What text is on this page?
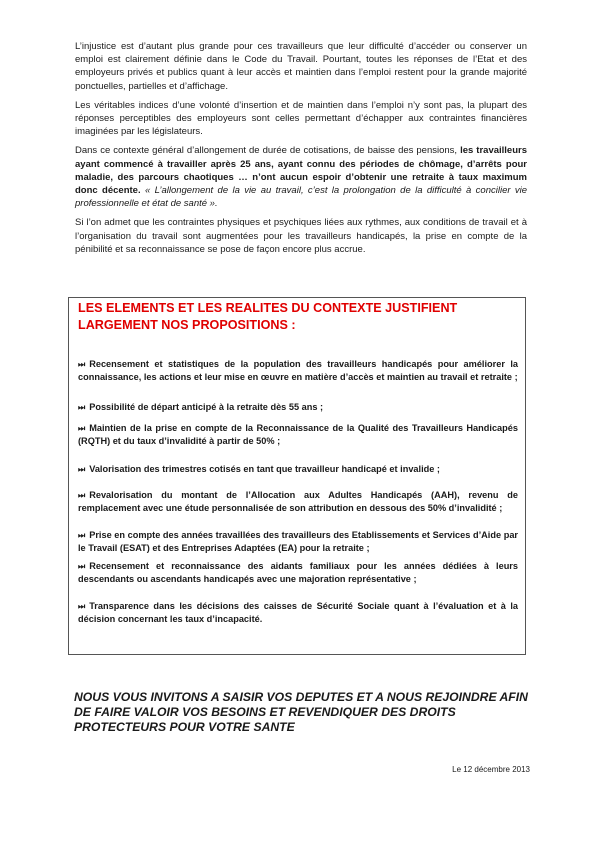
L’injustice est d’autant plus grande pour ces travailleurs que leur difficulté d’accéder ou conserver un emploi est clairement définie dans le Code du Travail. Pourtant, toutes les réponses de l’Etat et des employeurs privés et publics quant à leur accès et maintien dans l’emploi restent pour la grande majorité ponctuelles, partielles et d’affichage.

Les véritables indices d’une volonté d’insertion et de maintien dans l’emploi n’y sont pas, la plupart des réponses perceptibles des employeurs sont celles permettant d’échapper aux contraintes financières imaginées par les législateurs.

Dans ce contexte général d’allongement de durée de cotisations, de baisse des pensions, les travailleurs ayant commencé à travailler après 25 ans, ayant connu des périodes de chômage, d’arrêts pour maladie, des parcours chaotiques … n’ont aucun espoir d’obtenir une retraite à taux maximum donc décente. « L’allongement de la vie au travail, c’est la prolongation de la difficulté à concilier vie professionnelle et état de santé ».

Si l’on admet que les contraintes physiques et psychiques liées aux rythmes, aux conditions de travail et à l’organisation du travail sont augmentées pour les travailleurs handicapés, la prise en compte de la pénibilité et sa reconnaissance se pose de façon encore plus accrue.

LES ELEMENTS ET LES REALITES DU CONTEXTE JUSTIFIENT LARGEMENT NOS PROPOSITIONS :
⏭ Recensement et statistiques de la population des travailleurs handicapés pour améliorer la connaissance, les actions et leur mise en œuvre en matière d’accès et maintien au travail et retraite ;
⏭ Possibilité de départ anticipé à la retraite dès 55 ans ;
⏭ Maintien de la prise en compte de la Reconnaissance de la Qualité des Travailleurs Handicapés (RQTH) et du taux d’invalidité à partir de 50% ;
⏭ Valorisation des trimestres cotisés en tant que travailleur handicapé et invalide ;
⏭ Revalorisation du montant de l’Allocation aux Adultes Handicapés (AAH), revenu de remplacement avec une étude personnalisée de son attribution en dessous des 50% d’invalidité ;
⏭ Prise en compte des années travaillées des travailleurs des Etablissements et Services d’Aide par le Travail (ESAT) et des Entreprises Adaptées (EA) pour la retraite ;
⏭ Recensement et reconnaissance des aidants familiaux pour les années dédiées à leurs descendants ou ascendants handicapés avec une majoration représentative ;
⏭ Transparence dans les décisions des caisses de Sécurité Sociale quant à l’évaluation et à la décision concernant les taux d’incapacité.
NOUS VOUS INVITONS A SAISIR VOS DEPUTES ET A NOUS REJOINDRE AFIN DE FAIRE VALOIR VOS BESOINS ET REVENDIQUER DES DROITS PROTECTEURS POUR VOTRE SANTE
Le 12 décembre 2013
